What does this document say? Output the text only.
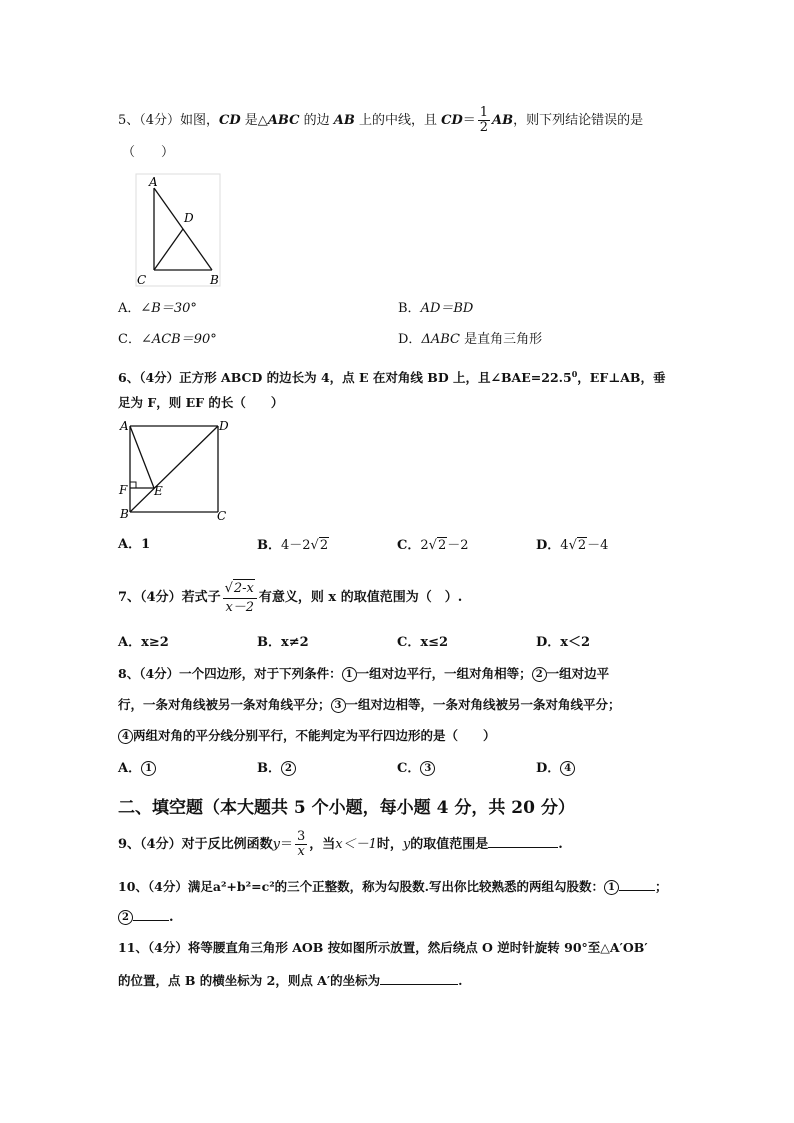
5、（4分）如图，CD 是△ABC 的边 AB 上的中线，且 $CD= \frac{1}{2}$ AB，则下列结论错误的是
（　　）
A
D
C	B
A．∠B＝30°	B．AD＝BD
C．∠ACB＝90°	D．ΔABC 是直角三角形
6、（4分）正方形 ABCD 的边长为 4，点 E 在对角线 BD 上，且$\angle BAE=22.5^0$，EF⊥AB，垂
足为 F，则 EF 的长（　　）
A	D
F E
B	C
A．1	B．4－2√2	C．2√2－2	D．4√2－4
7、（4分）若式子 $\frac{√2-x}{x-2}$ 有意义，则 x 的取值范围为（　）.
A．x≥2	B．x≠2	C．x≤2	D．x＜2
8、（4分）一个四边形，对于下列条件： 1 一组对边平行，一组对角相等； 2 一组对边平
行，一条对角线被另一条对角线平分； 3 一组对边相等，一条对角线被另一条对角线平分；
4 两组对角的平分线分别平行，不能判定为平行四边形的是（　　）
A． 1	B． 2	C． 3	D． 4
二、填空题（本大题共 5 个小题，每小题 4 分，共 20 分）
9、（4分）对于反比例函数$y= \frac{3}{x}$ ，当x＜－1时，y的取值范围是	.
10、（4分）满足a²+b²=c²的三个正整数，称为勾股数.写出你比较熟悉的两组勾股数： 1	；
2	.
11、（4分）将等腰直角三角形 AOB 按如图所示放置，然后绕点 O 逆时针旋转 90°至△A′OB′
的位置，点 B 的横坐标为 2，则点 A′的坐标为	.
